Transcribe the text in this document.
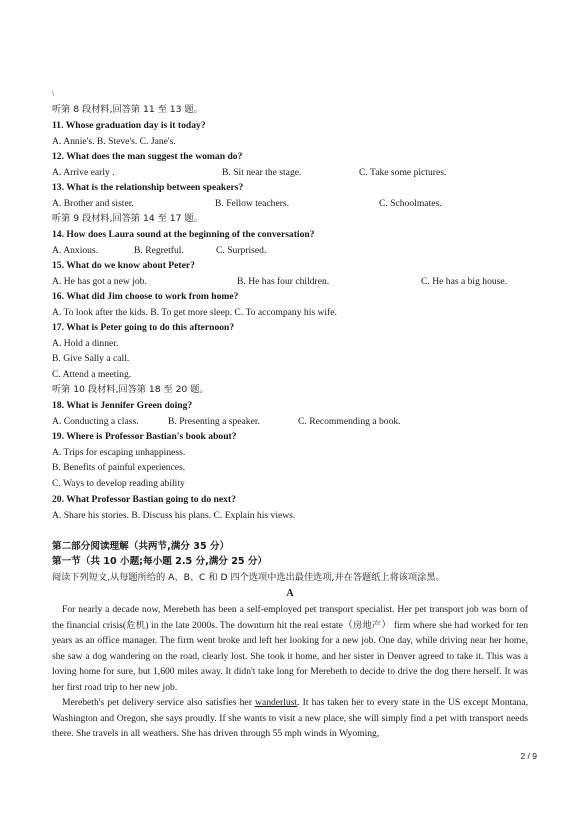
\
听第 8 段材料,回答第 11 至 13 题。
11. Whose graduation day is it today?
A. Annie's. B. Steve's. C. Jane's.
12. What does the man suggest the woman do?
A. Arrive early .	B. Sit near the stage.	C. Take some pictures.
13. What is the relationship between speakers?
A. Brother and sister.	B. Fellow teachers.	C. Schoolmates.
听第 9 段材料,回答第 14 至 17 题。
14. How does Laura sound at the beginning of the conversation?
A. Anxious.	B. Regretful.	C. Surprised.
15. What do we know about Peter?
A. He has got a new job.	B. He has four children.	C. He has a big house.
16. What did Jim choose to work from home?
A. To look after the kids. B. To get more sleep. C. To accompany his wife.
17. What is Peter going to do this afternoon?
A. Hold a dinner.
B. Give Sally a call.
C. Attend a meeting.
听第 10 段材料,回答第 18 至 20 题。
18. What is Jennifer Green doing?
A. Conducting a class.	B. Presenting a speaker.	C. Recommending a book.
19. Where is Professor Bastian's book about?
A. Trips for escaping unhappiness.
B. Benefits of painful experiences.
C. Ways to develop reading ability
20. What Professor Bastian going to do next?
A. Share his stories. B. Discuss his plans. C. Explain his views.
第二部分阅读理解（共两节,满分 35 分）
第一节（共 10 小题;每小题 2.5 分,满分 25 分）
阅读下列短文,从每题所给的 A、B、C 和 D 四个选项中选出最佳选项,并在答题纸上将该项涂黑。
A
For nearly a decade now, Merebeth has been a self-employed pet transport specialist. Her pet transport job was born of the financial crisis(危机) in the late 2000s. The downturn hit the real estate（房地产） firm where she had worked for ten years as an office manager. The firm went broke and left her looking for a new job. One day, while driving near her home, she saw a dog wandering on the road, clearly lost. She took it home, and her sister in Denver agreed to take it. This was a loving home for sure, but 1,600 miles away. It didn't take long for Merebeth to decide to drive the dog there herself. It was her first road trip to her new job.
Merebeth's pet delivery service also satisfies her wanderlust. It has taken her to every state in the US except Montana, Washington and Oregon, she says proudly. If she wants to visit a new place, she will simply find a pet with transport needs there. She travels in all weathers. She has driven through 55 mph winds in Wyoming,
2 / 9
